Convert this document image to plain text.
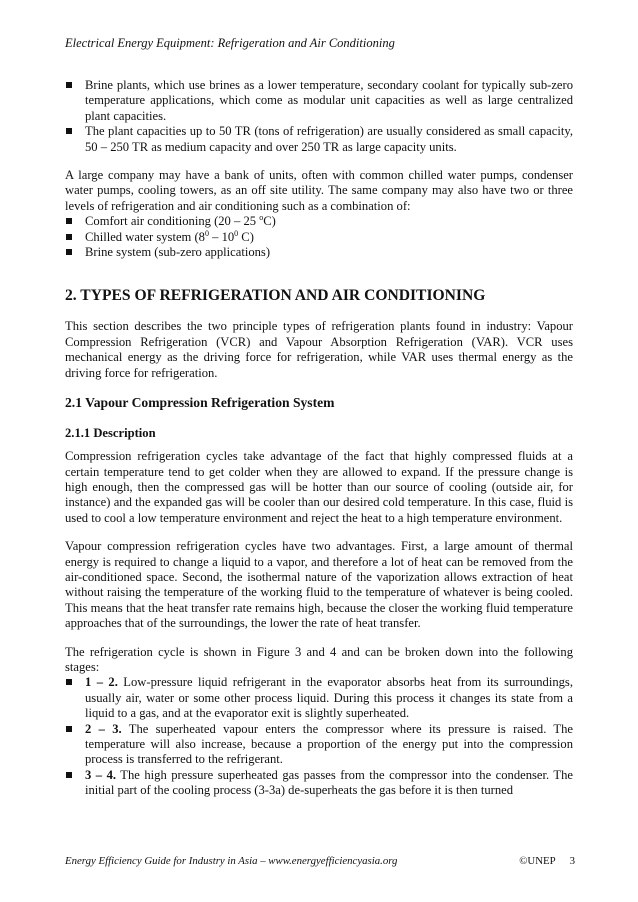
Electrical Energy Equipment: Refrigeration and Air Conditioning
Brine plants, which use brines as a lower temperature, secondary coolant for typically sub-zero temperature applications, which come as modular unit capacities as well as large centralized plant capacities.
The plant capacities up to 50 TR (tons of refrigeration) are usually considered as small capacity, 50 – 250 TR as medium capacity and over 250 TR as large capacity units.

A large company may have a bank of units, often with common chilled water pumps, condenser water pumps, cooling towers, as an off site utility. The same company may also have two or three levels of refrigeration and air conditioning such as a combination of:

Comfort air conditioning (20 – 25 $^o$C)
Chilled water system ($8^0 - 10^0$ C)
Brine system (sub-zero applications)
2. TYPES OF REFRIGERATION AND AIR CONDITIONING

This section describes the two principle types of refrigeration plants found in industry: Vapour Compression Refrigeration (VCR) and Vapour Absorption Refrigeration (VAR). VCR uses mechanical energy as the driving force for refrigeration, while VAR uses thermal energy as the driving force for refrigeration.

2.1 Vapour Compression Refrigeration System
2.1.1 Description

Compression refrigeration cycles take advantage of the fact that highly compressed fluids at a certain temperature tend to get colder when they are allowed to expand. If the pressure change is high enough, then the compressed gas will be hotter than our source of cooling (outside air, for instance) and the expanded gas will be cooler than our desired cold temperature. In this case, fluid is used to cool a low temperature environment and reject the heat to a high temperature environment.

Vapour compression refrigeration cycles have two advantages. First, a large amount of thermal energy is required to change a liquid to a vapor, and therefore a lot of heat can be removed from the air-conditioned space. Second, the isothermal nature of the vaporization allows extraction of heat without raising the temperature of the working fluid to the temperature of whatever is being cooled. This means that the heat transfer rate remains high, because the closer the working fluid temperature approaches that of the surroundings, the lower the rate of heat transfer.

The refrigeration cycle is shown in Figure 3 and 4 and can be broken down into the following stages:

1 – 2. Low-pressure liquid refrigerant in the evaporator absorbs heat from its surroundings, usually air, water or some other process liquid. During this process it changes its state from a liquid to a gas, and at the evaporator exit is slightly superheated.
2 – 3. The superheated vapour enters the compressor where its pressure is raised. The temperature will also increase, because a proportion of the energy put into the compression process is transferred to the refrigerant.
3 – 4. The high pressure superheated gas passes from the compressor into the condenser. The initial part of the cooling process (3-3a) de-superheats the gas before it is then turned
Energy Efficiency Guide for Industry in Asia – www.energyefficiencyasia.org	©UNEP 3
